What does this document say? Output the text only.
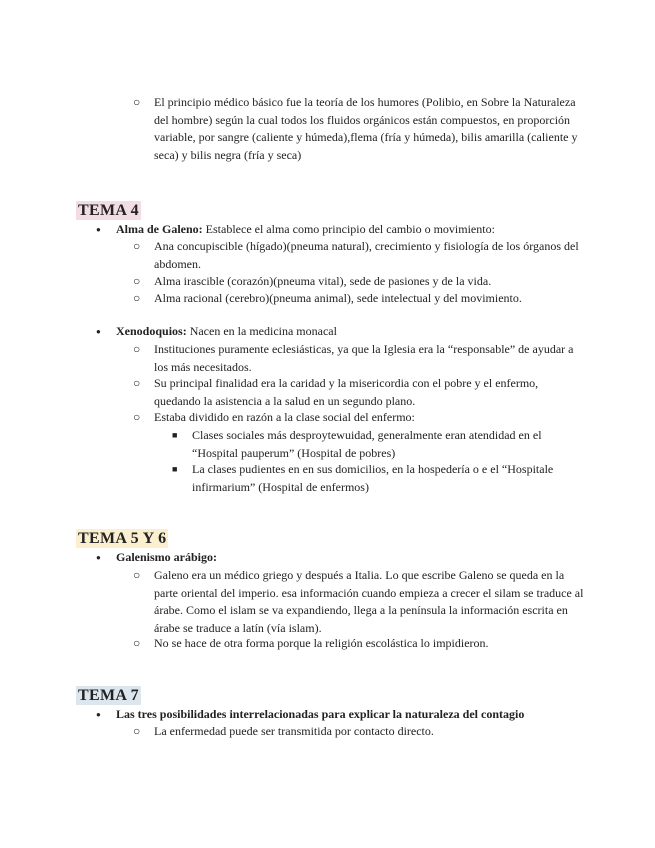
○ El principio médico básico fue la teoría de los humores (Polibio, en Sobre la Naturaleza del hombre) según la cual todos los fluidos orgánicos están compuestos, en proporción variable, por sangre (caliente y húmeda),flema (fría y húmeda), bilis amarilla (caliente y seca) y bilis negra (fría y seca)
TEMA 4
● Alma de Galeno: Establece el alma como principio del cambio o movimiento:
○ Ana concupiscible (hígado)(pneuma natural), crecimiento y fisiología de los órganos del abdomen.
○ Alma irascible (corazón)(pneuma vital), sede de pasiones y de la vida.
○ Alma racional (cerebro)(pneuma animal), sede intelectual y del movimiento.
● Xenodoquios: Nacen en la medicina monacal
○ Instituciones puramente eclesiásticas, ya que la Iglesia era la “responsable” de ayudar a los más necesitados.
○ Su principal finalidad era la caridad y la misericordia con el pobre y el enfermo, quedando la asistencia a la salud en un segundo plano.
○ Estaba dividido en razón a la clase social del enfermo:
■ Clases sociales más desproytewuidad, generalmente eran atendidad en el “Hospital pauperum” (Hospital de pobres)
■ La clases pudientes en en sus domicilios, en la hospedería o e el “Hospitale infirmarium” (Hospital de enfermos)
TEMA 5 Y 6
● Galenismo arábigo:
○ Galeno era un médico griego y después a Italia. Lo que escribe Galeno se queda en la parte oriental del imperio. esa información cuando empieza a crecer el silam se traduce al árabe. Como el islam se va expandiendo, llega a la península la información escrita en árabe se traduce a latín (vía islam).
○ No se hace de otra forma porque la religión escolástica lo impidieron.
TEMA 7
● Las tres posibilidades interrelacionadas para explicar la naturaleza del contagio
○ La enfermedad puede ser transmitida por contacto directo.
